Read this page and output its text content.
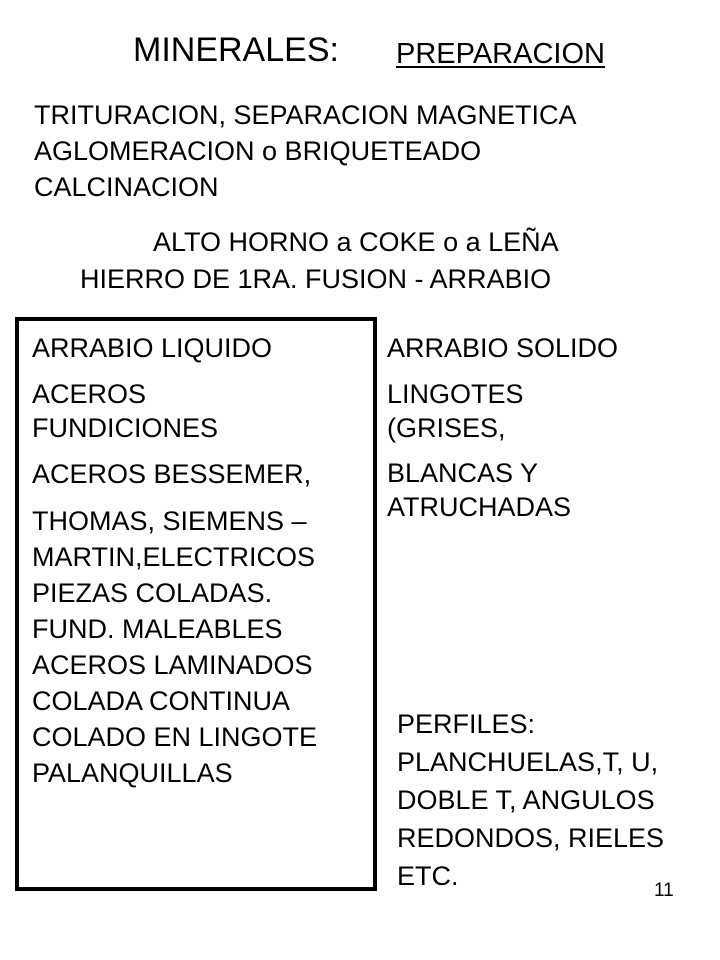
MINERALES: PREPARACION
TRITURACION, SEPARACION MAGNETICA
AGLOMERACION o BRIQUETEADO
CALCINACION
ALTO HORNO a COKE o a LEÑA
HIERRO DE 1RA. FUSION - ARRABIO
ARRABIO LIQUIDO
ACEROS
FUNDICIONES
ACEROS BESSEMER,
THOMAS, SIEMENS –
MARTIN,ELECTRICOS
PIEZAS COLADAS.
FUND. MALEABLES
ACEROS LAMINADOS
COLADA CONTINUA
COLADO EN LINGOTE
PALANQUILLAS
ARRABIO SOLIDO
LINGOTES
(GRISES,
BLANCAS Y
ATRUCHADAS
PERFILES:
PLANCHUELAS,T, U,
DOBLE T, ANGULOS
REDONDOS, RIELES
ETC.	11
